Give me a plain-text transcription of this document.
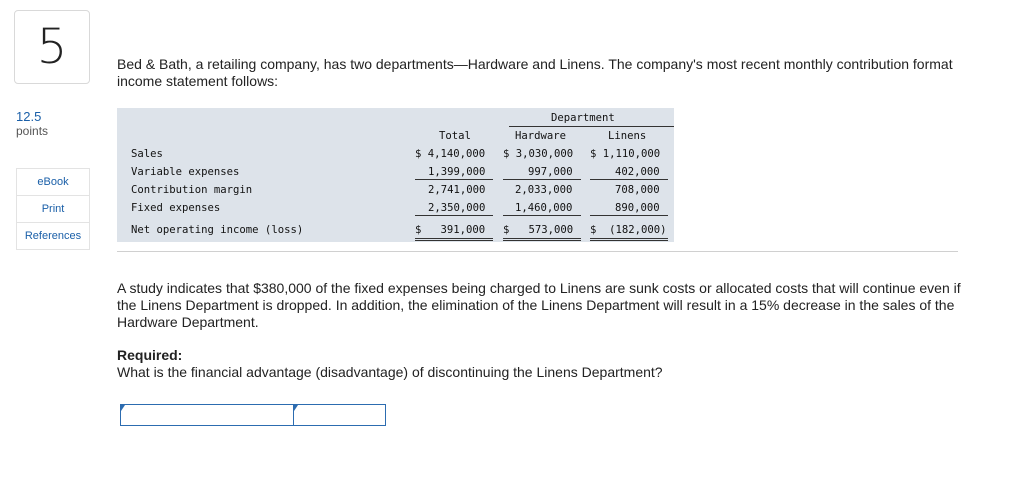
5
12.5
points
eBook
Print
References
Bed & Bath, a retailing company, has two departments—Hardware and Linens. The company's most recent monthly contribution format income statement follows:
Department
Total	Hardware	Linens
Sales	$ 4,140,000 $ 3,030,000 $ 1,110,000
Variable expenses	1,399,000	997,000	402,000
Contribution margin	2,741,000	2,033,000	708,000
Fixed expenses	2,350,000	1,460,000	890,000
Net operating income (loss)	$   391,000 $   573,000 $  (182,000)
A study indicates that $380,000 of the fixed expenses being charged to Linens are sunk costs or allocated costs that will continue even if the Linens Department is dropped. In addition, the elimination of the Linens Department will result in a 15% decrease in the sales of the Hardware Department.
Required:
What is the financial advantage (disadvantage) of discontinuing the Linens Department?
